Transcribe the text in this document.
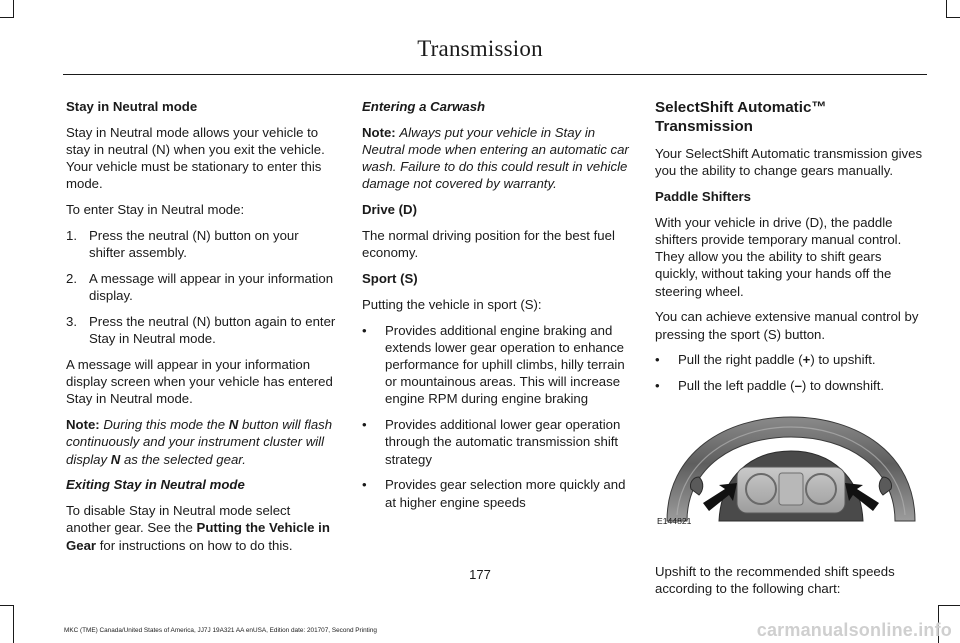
Transmission

Stay in Neutral mode

Stay in Neutral mode allows your vehicle to stay in neutral (N) when you exit the vehicle. Your vehicle must be stationary to enter this mode.

To enter Stay in Neutral mode:

1. Press the neutral (N) button on your shifter assembly.
2. A message will appear in your information display.
3. Press the neutral (N) button again to enter Stay in Neutral mode.

A message will appear in your information display screen when your vehicle has entered Stay in Neutral mode.

Note: During this mode the N button will flash continuously and your instrument cluster will display N as the selected gear.

Exiting Stay in Neutral mode

To disable Stay in Neutral mode select another gear. See the Putting the Vehicle in Gear for instructions on how to do this.

Entering a Carwash

Note: Always put your vehicle in Stay in Neutral mode when entering an automatic car wash. Failure to do this could result in vehicle damage not covered by warranty.

Drive (D)

The normal driving position for the best fuel economy.

Sport (S)

Putting the vehicle in sport (S):

• Provides additional engine braking and extends lower gear operation to enhance performance for uphill climbs, hilly terrain or mountainous areas. This will increase engine RPM during engine braking
• Provides additional lower gear operation through the automatic transmission shift strategy
• Provides gear selection more quickly and at higher engine speeds

SelectShift Automatic™ Transmission

Your SelectShift Automatic transmission gives you the ability to change gears manually.

Paddle Shifters

With your vehicle in drive (D), the paddle shifters provide temporary manual control. They allow you the ability to shift gears quickly, without taking your hands off the steering wheel.

You can achieve extensive manual control by pressing the sport (S) button.

• Pull the right paddle (+) to upshift.
• Pull the left paddle (–) to downshift.
E144821

Upshift to the recommended shift speeds according to the following chart:

177
MKC (TME) Canada/United States of America, JJ7J 19A321 AA enUSA, Edition date: 201707, Second Printing	carmanualsonline.info
